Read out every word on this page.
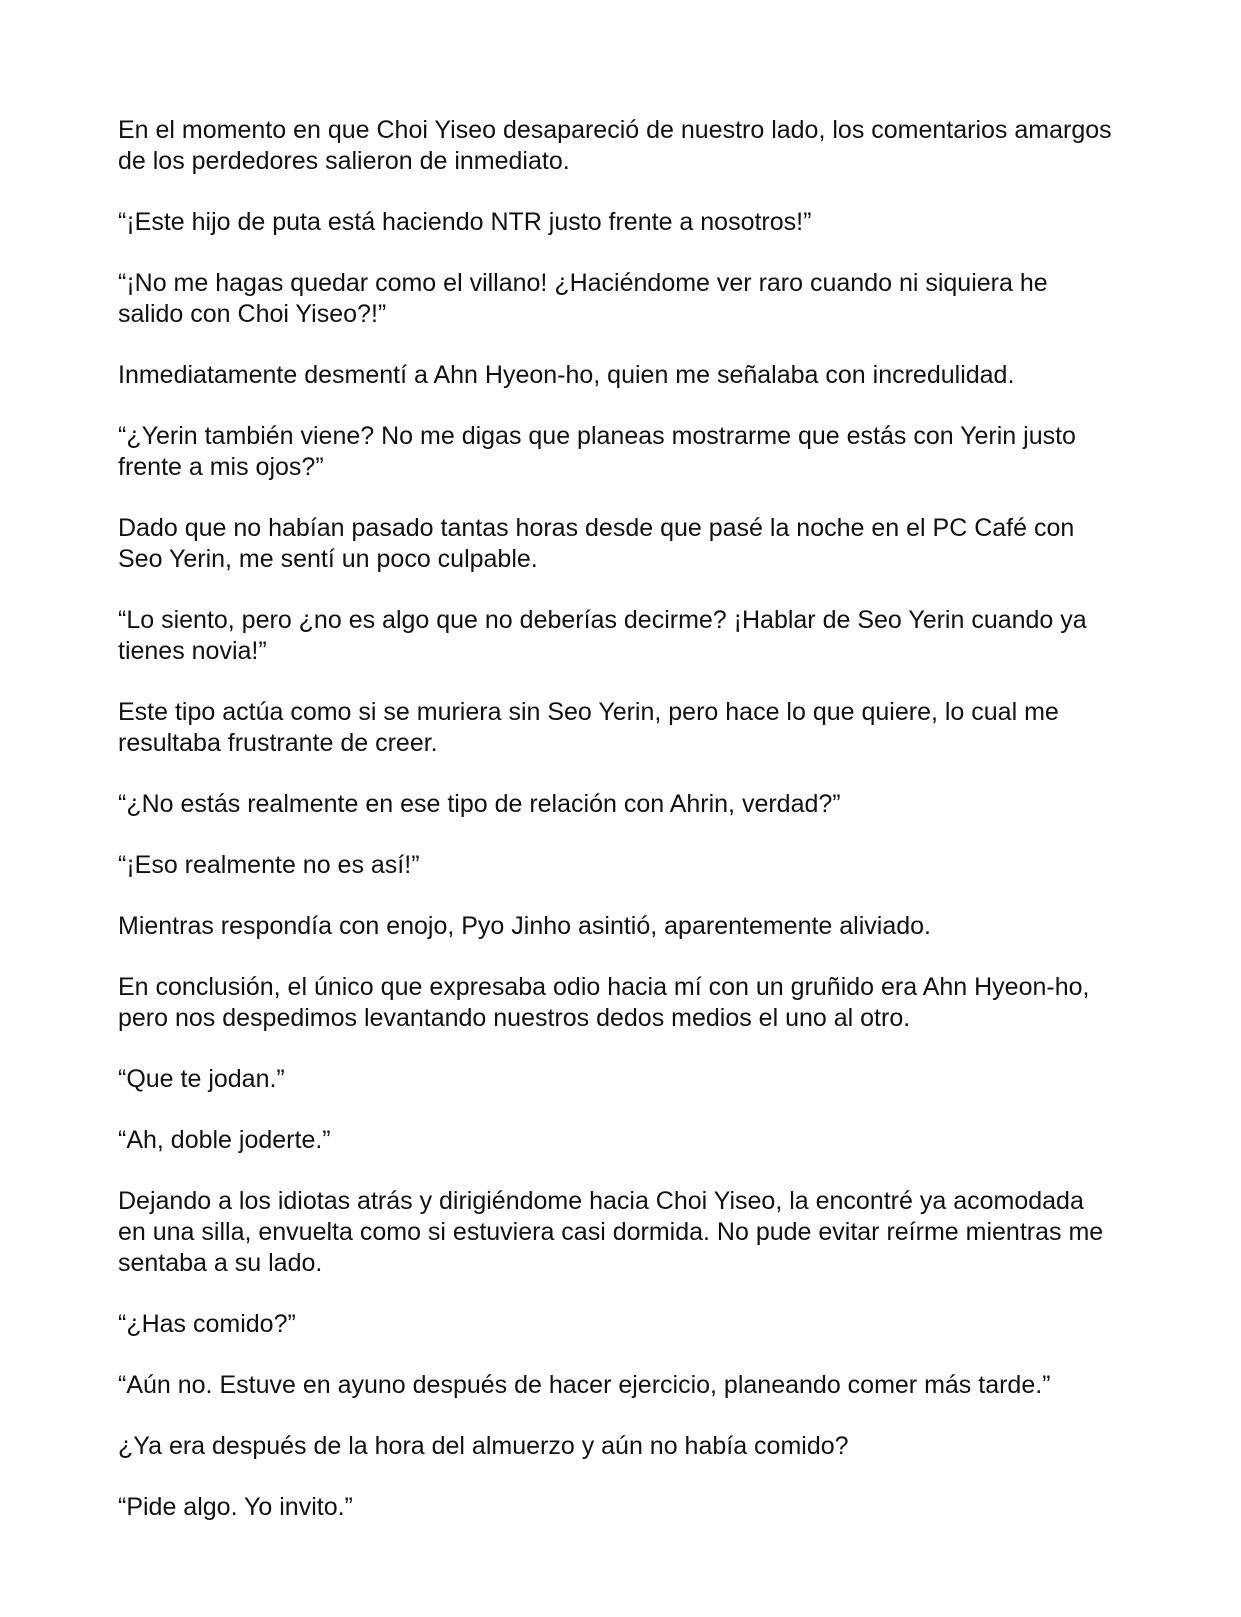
En el momento en que Choi Yiseo desapareció de nuestro lado, los comentarios amargos de los perdedores salieron de inmediato.

“¡Este hijo de puta está haciendo NTR justo frente a nosotros!”

“¡No me hagas quedar como el villano! ¿Haciéndome ver raro cuando ni siquiera he salido con Choi Yiseo?!”

Inmediatamente desmentí a Ahn Hyeon-ho, quien me señalaba con incredulidad.

“¿Yerin también viene? No me digas que planeas mostrarme que estás con Yerin justo frente a mis ojos?”

Dado que no habían pasado tantas horas desde que pasé la noche en el PC Café con Seo Yerin, me sentí un poco culpable.

“Lo siento, pero ¿no es algo que no deberías decirme? ¡Hablar de Seo Yerin cuando ya tienes novia!”

Este tipo actúa como si se muriera sin Seo Yerin, pero hace lo que quiere, lo cual me resultaba frustrante de creer.

“¿No estás realmente en ese tipo de relación con Ahrin, verdad?”

“¡Eso realmente no es así!”

Mientras respondía con enojo, Pyo Jinho asintió, aparentemente aliviado.

En conclusión, el único que expresaba odio hacia mí con un gruñido era Ahn Hyeon-ho, pero nos despedimos levantando nuestros dedos medios el uno al otro.

“Que te jodan.”

“Ah, doble joderte.”

Dejando a los idiotas atrás y dirigiéndome hacia Choi Yiseo, la encontré ya acomodada en una silla, envuelta como si estuviera casi dormida. No pude evitar reírme mientras me sentaba a su lado.

“¿Has comido?”

“Aún no. Estuve en ayuno después de hacer ejercicio, planeando comer más tarde.”

¿Ya era después de la hora del almuerzo y aún no había comido?

“Pide algo. Yo invito.”
